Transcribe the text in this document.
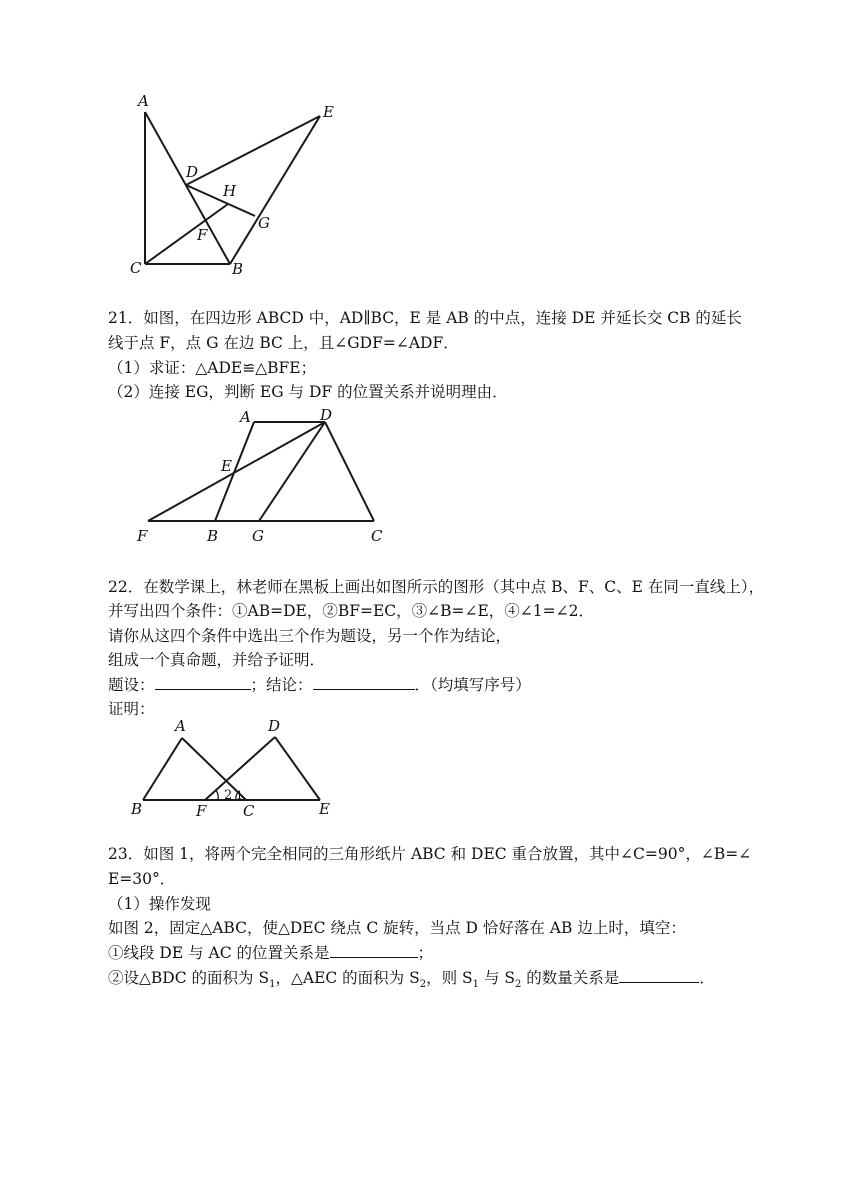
A
E
D
H
G
F
C	B
21．如图，在四边形 ABCD 中，AD∥BC，E 是 AB 的中点，连接 DE 并延长交 CB 的延长
线于点 F，点 G 在边 BC 上，且∠GDF=∠ADF．
（1）求证：△ADE≌△BFE；
（2）连接 EG，判断 EG 与 DF 的位置关系并说明理由．
A	D
E
F	B G	C
22．在数学课上，林老师在黑板上画出如图所示的图形（其中点 B、F、C、E 在同一直线上），
并写出四个条件：①AB=DE，②BF=EC，③∠B=∠E，④∠1=∠2．
请你从这四个条件中选出三个作为题设，另一个作为结论，
组成一个真命题，并给予证明．
题设：	；结论：	．（均填写序号）
证明：
A	D
B	F C	E
2 1
23．如图 1，将两个完全相同的三角形纸片 ABC 和 DEC 重合放置，其中∠C=90°，∠B=∠
E=30°．
（1）操作发现
如图 2，固定△ABC，使△DEC 绕点 C 旋转，当点 D 恰好落在 AB 边上时，填空：
①线段 DE 与 AC 的位置关系是	；
②设△BDC 的面积为 $S_1$，△AEC 的面积为 $S_2$，则 $S_1$ 与 $S_2$ 的数量关系是	．
